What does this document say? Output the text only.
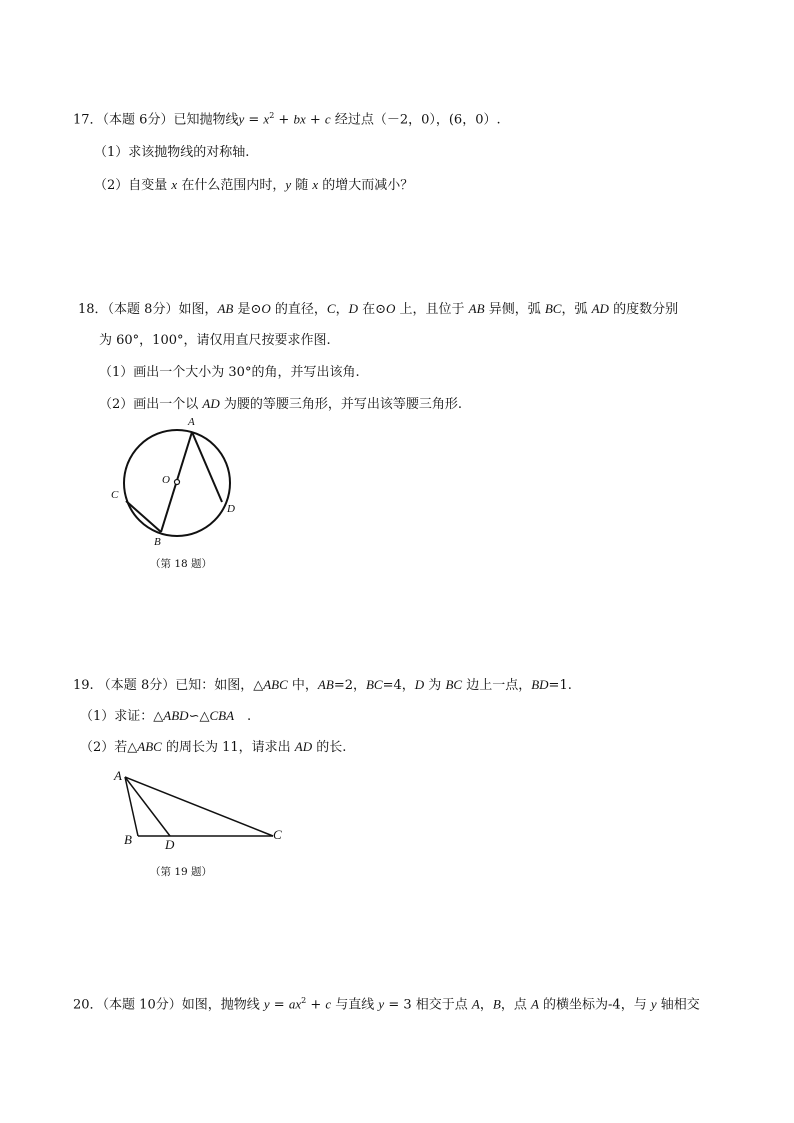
17．（本题 6分）已知抛物线$y = x^2$ + bx + c 经过点（－2，0），(6，0）.
（1）求该抛物线的对称轴.
（2）自变量 x 在什么范围内时，y 随 x 的增大而减小？
18．（本题 8分）如图，AB 是⊙O 的直径，C，D 在⊙O 上，且位于 AB 异侧，弧 BC，弧 AD 的度数分别
为 60°，100°，请仅用直尺按要求作图.
（1）画出一个大小为 30°的角，并写出该角.
（2）画出一个以 AD 为腰的等腰三角形，并写出该等腰三角形.
A
O
C
D
B
（第 18 题）
19. （本题 8分）已知：如图，△ABC 中，AB=2，BC=4，D 为 BC 边上一点，BD=1.
（1）求证：△ABD∽△CBA　.
（2）若△ABC 的周长为 11，请求出 AD 的长.
A
B	D
C
（第 19 题）
20．（本题 10分）如图，抛物线 $y = ax^2 + c$ 与直线 y = 3 相交于点 A，B，点 A 的横坐标为-4，与 y 轴相交
